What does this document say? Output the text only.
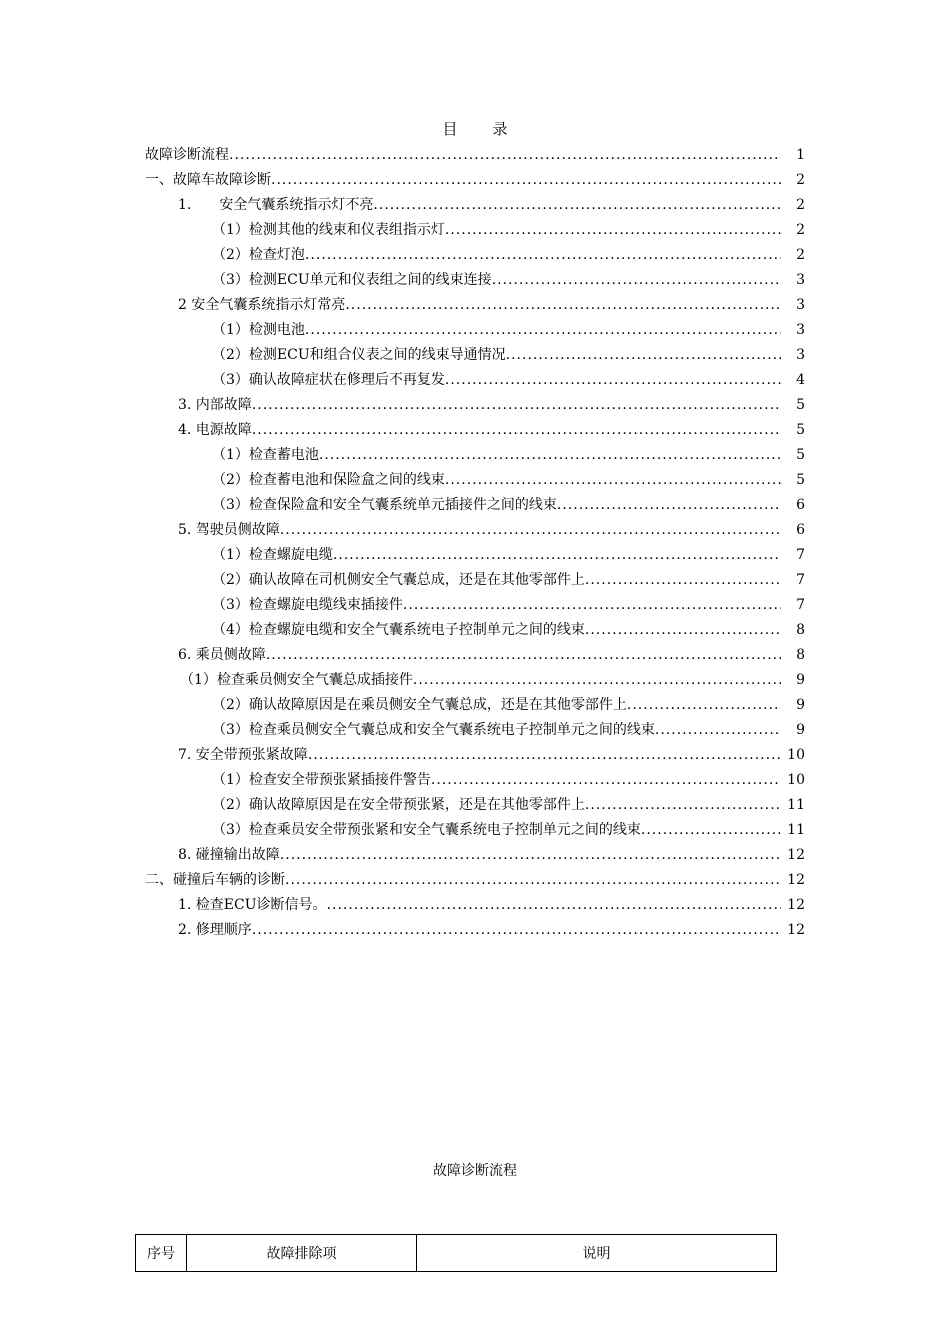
目　录
故障诊断流程 .....	1
一、故障车故障诊断 .....	2
1.　　安全气囊系统指示灯不亮 .....	2
（1）检测其他的线束和仪表组指示灯 .....	2
（2）检查灯泡 .....	2
（3）检测ECU单元和仪表组之间的线束连接 .....	3
2 安全气囊系统指示灯常亮 .....	3
（1）检测电池 .....	3
（2）检测ECU和组合仪表之间的线束导通情况 .....	3
（3）确认故障症状在修理后不再复发 .....	4
3. 内部故障 .....	5
4. 电源故障 .....	5
（1）检查蓄电池 .....	5
（2）检查蓄电池和保险盒之间的线束 .....	5
（3）检查保险盒和安全气囊系统单元插接件之间的线束 .....	6
5. 驾驶员侧故障 .....	6
（1）检查螺旋电缆 .....	7
（2）确认故障在司机侧安全气囊总成，还是在其他零部件上 .....	7
（3）检查螺旋电缆线束插接件 .....	7
（4）检查螺旋电缆和安全气囊系统电子控制单元之间的线束 .....	8
6. 乘员侧故障 .....	8
（1）检查乘员侧安全气囊总成插接件 .....	9
（2）确认故障原因是在乘员侧安全气囊总成，还是在其他零部件上 .....	9
（3）检查乘员侧安全气囊总成和安全气囊系统电子控制单元之间的线束 .....	9
7. 安全带预张紧故障 .....	10
（1）检查安全带预张紧插接件警告 .....	10
（2）确认故障原因是在安全带预张紧，还是在其他零部件上 .....	11
（3）检查乘员安全带预张紧和安全气囊系统电子控制单元之间的线束 .....	11
8. 碰撞输出故障 .....	12
二、碰撞后车辆的诊断 .....	12
1. 检查ECU诊断信号。 .....	12
2. 修理顺序 .....	12
故障诊断流程
序号	故障排除项	说明
